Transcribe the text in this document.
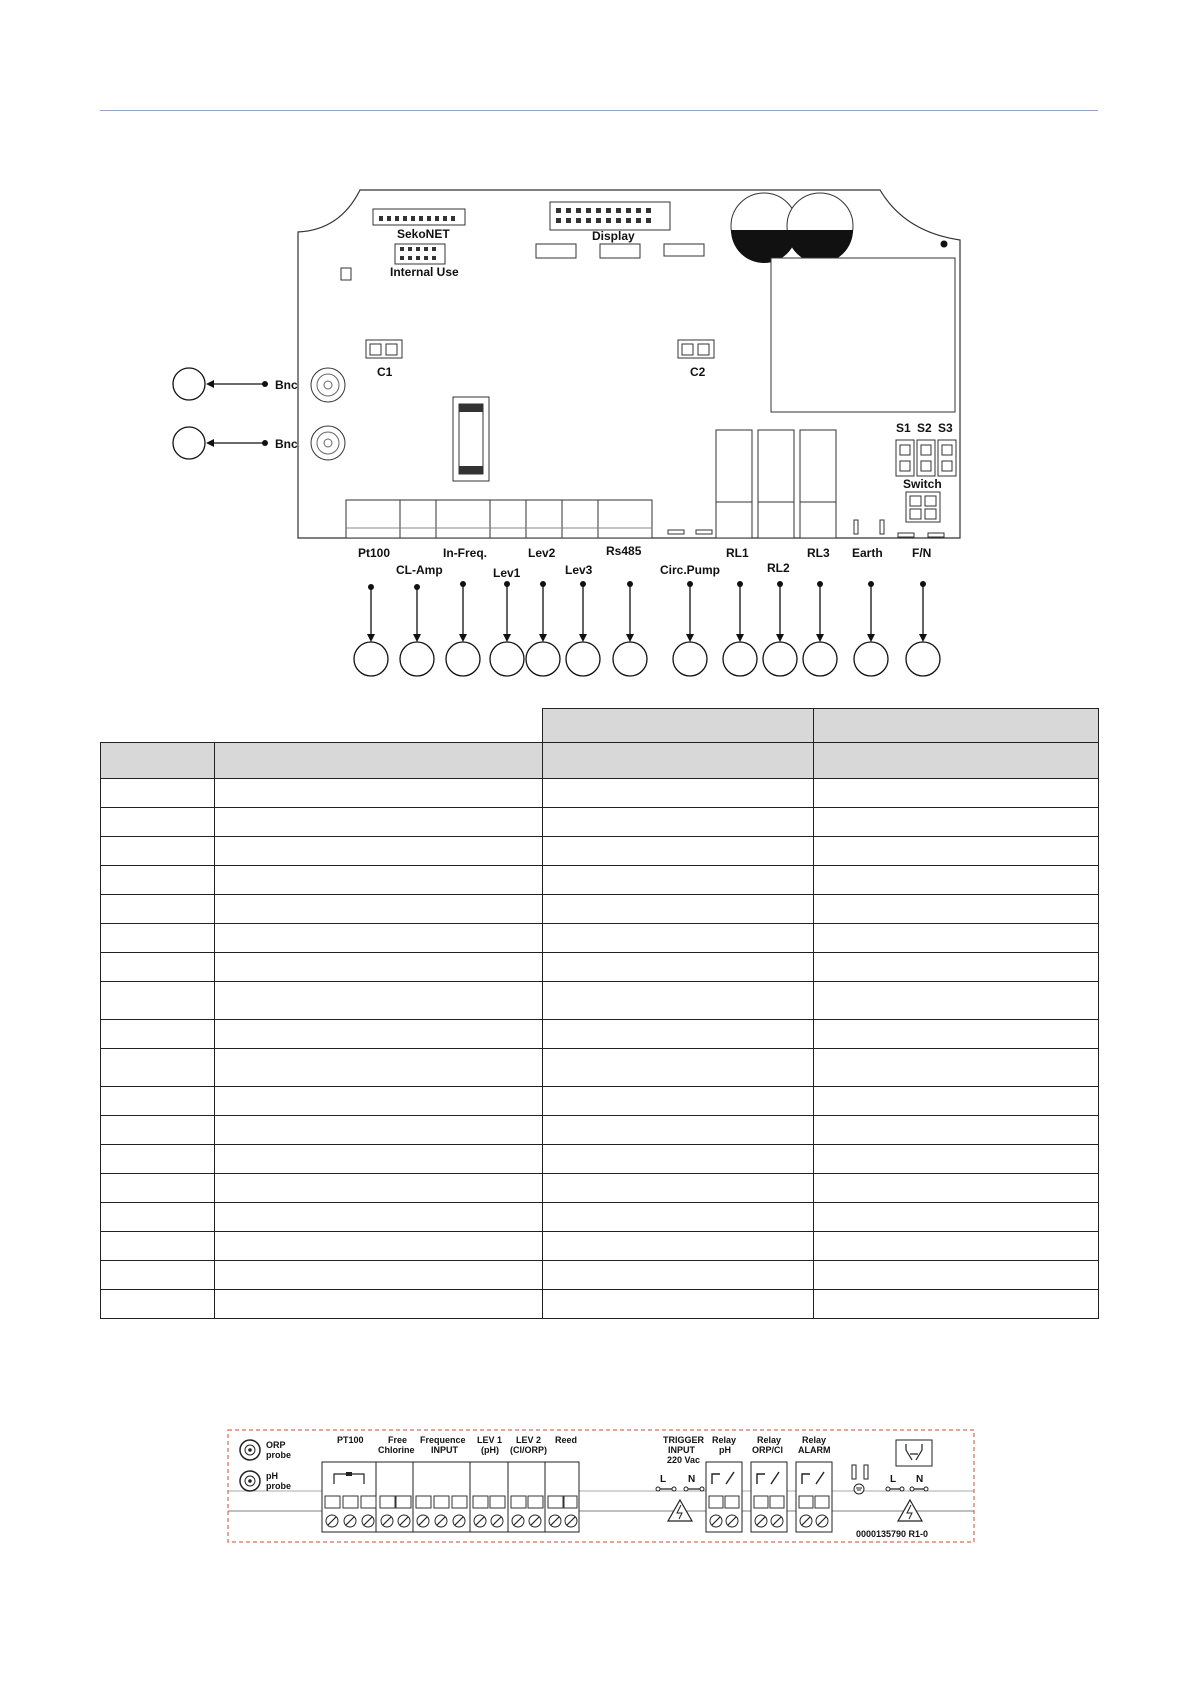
SekoNET
Internal Use
Display
C1	C2
Bnc
Bnc
S1 S2 S3
Switch
Pt100
CL-Amp
In-Freq.
Lev1
Lev2
Lev3
Rs485
Circ.Pump
RL1
RL2
RL3 Earth F/N

ORP
probe
pH
probe
PT100	Free
Chlorine
Frequence
INPUT
LEV 1
(pH)
LEV 2
(Cl/ORP)
Reed	TRIGGER
INPUT
220 Vac
Relay
pH
Relay
ORP/Cl
Relay
ALARM
L N	L N
0000135790 R1-0
